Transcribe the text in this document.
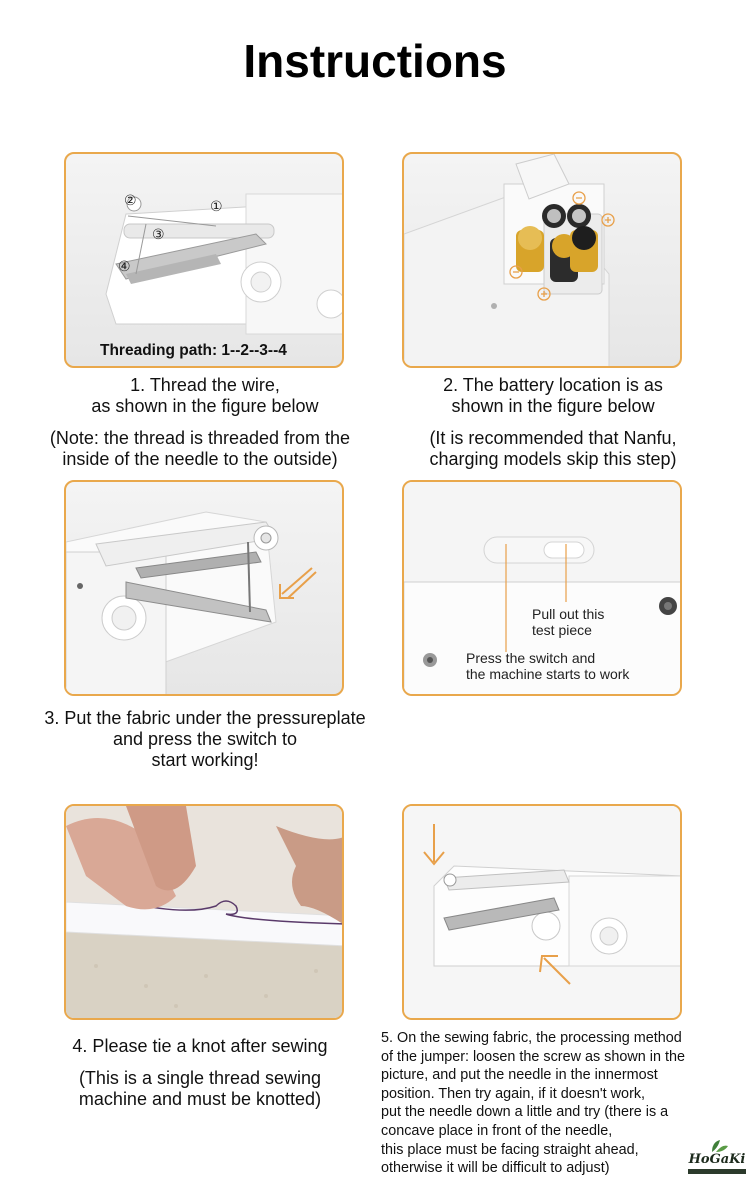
Instructions
①
②
③
④
Threading path: 1--2--3--4
1. Thread the wire,
as shown in the figure below
(Note: the thread is threaded from the
inside of the needle to the outside)
2. The battery location is as
shown in the figure below
(It is recommended that Nanfu,
charging models skip this step)
Pull out this
test piece
Press the switch and
the machine starts to work
3. Put the fabric under the pressureplate
and press the switch to
start working!
4. Please tie a knot after sewing
(This is a single thread sewing
machine and must be knotted)
5. On the sewing fabric, the processing method
of the jumper: loosen the screw as shown in the
picture, and put the needle in the innermost
position. Then try again, if it doesn't work,
put the needle down a little and try (there is a
concave place in front of the needle,
this place must be facing straight ahead,
otherwise it will be difficult to adjust)
HoGaKi
